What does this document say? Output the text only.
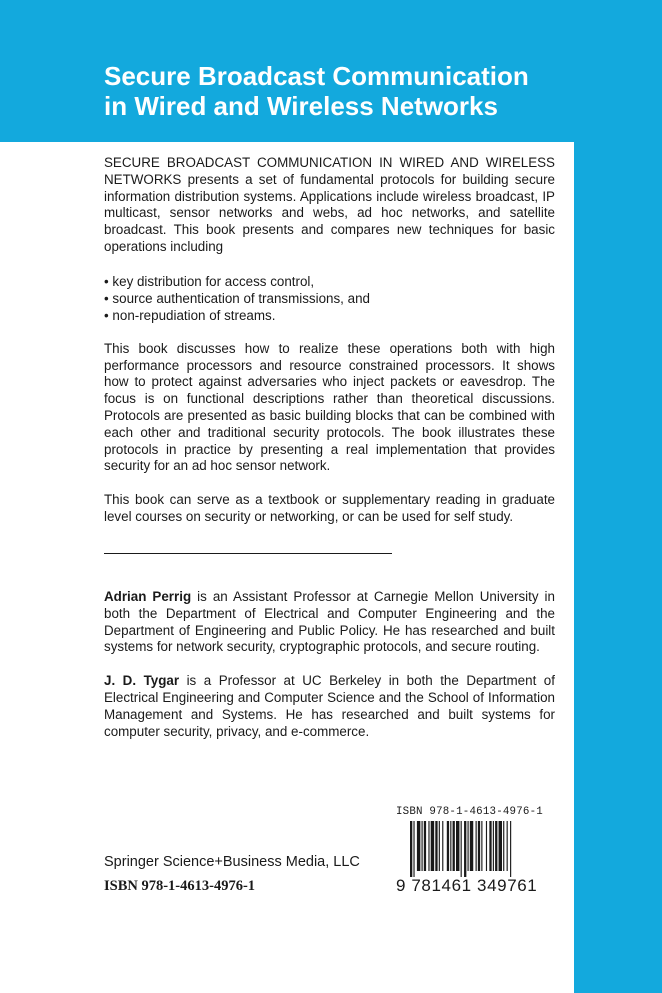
Secure Broadcast Communication
in Wired and Wireless Networks

SECURE BROADCAST COMMUNICATION IN WIRED AND WIRELESS NETWORKS presents a set of fundamental protocols for building secure information distribution systems. Applications include wireless broadcast, IP multicast, sensor networks and webs, ad hoc networks, and satellite broadcast. This book presents and compares new techniques for basic operations including

• key distribution for access control,
• source authentication of transmissions, and
• non-repudiation of streams.

This book discusses how to realize these operations both with high performance processors and resource constrained processors. It shows how to protect against adversaries who inject packets or eavesdrop. The focus is on functional descriptions rather than theoretical discussions. Protocols are presented as basic building blocks that can be combined with each other and traditional security protocols. The book illustrates these protocols in practice by presenting a real implementation that provides security for an ad hoc sensor network.

This book can serve as a textbook or supplementary reading in graduate level courses on security or networking, or can be used for self study.

Adrian Perrig is an Assistant Professor at Carnegie Mellon University in both the Department of Electrical and Computer Engineering and the Department of Engineering and Public Policy. He has researched and built systems for network security, cryptographic protocols, and secure routing.

J. D. Tygar is a Professor at UC Berkeley in both the Department of Electrical Engineering and Computer Science and the School of Information Management and Systems. He has researched and built systems for computer security, privacy, and e-commerce.

Springer Science+Business Media, LLC
ISBN 978-1-4613-4976-1
ISBN 978-1-4613-4976-1
9 781461 349761
